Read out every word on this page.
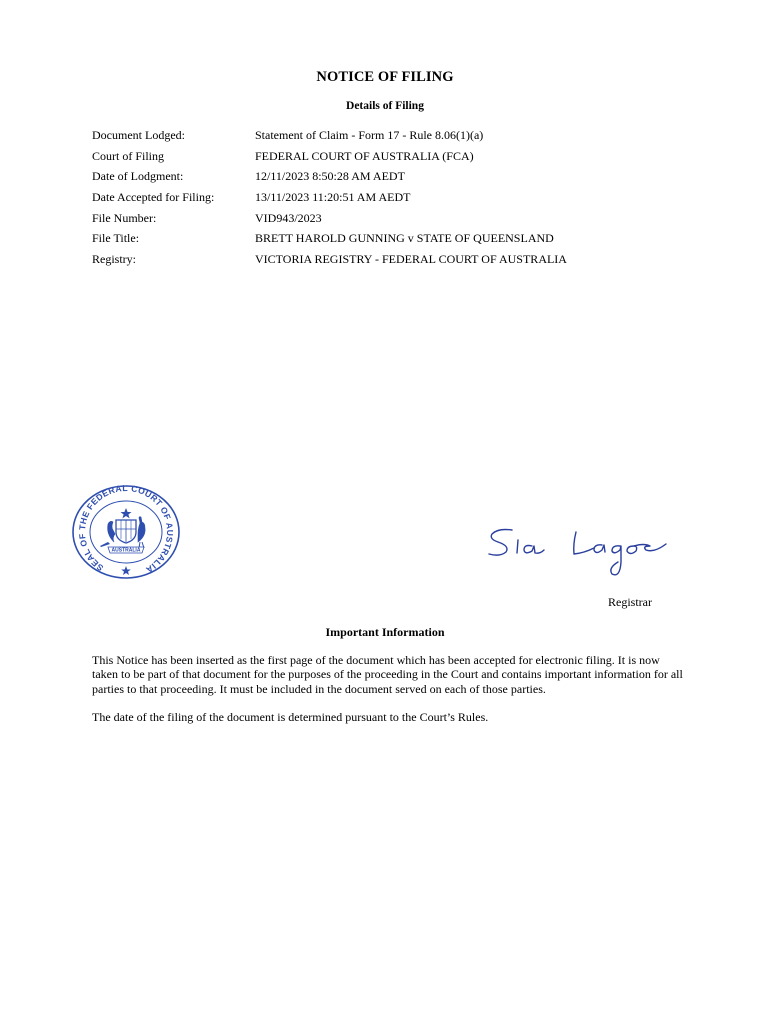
NOTICE OF FILING
Details of Filing
Document Lodged:	Statement of Claim - Form 17 - Rule 8.06(1)(a)
Court of Filing	FEDERAL COURT OF AUSTRALIA (FCA)
Date of Lodgment:	12/11/2023 8:50:28 AM AEDT
Date Accepted for Filing:	13/11/2023 11:20:51 AM AEDT
File Number:	VID943/2023
File Title:	BRETT HAROLD GUNNING v STATE OF QUEENSLAND
Registry:	VICTORIA REGISTRY - FEDERAL COURT OF AUSTRALIA
SEAL OF THE FEDERAL COURT OF AUSTRALIA
AUSTRALIA
Registrar
Important Information

This Notice has been inserted as the first page of the document which has been accepted for electronic filing. It is now taken to be part of that document for the purposes of the proceeding in the Court and contains important information for all parties to that proceeding. It must be included in the document served on each of those parties.

The date of the filing of the document is determined pursuant to the Court’s Rules.
